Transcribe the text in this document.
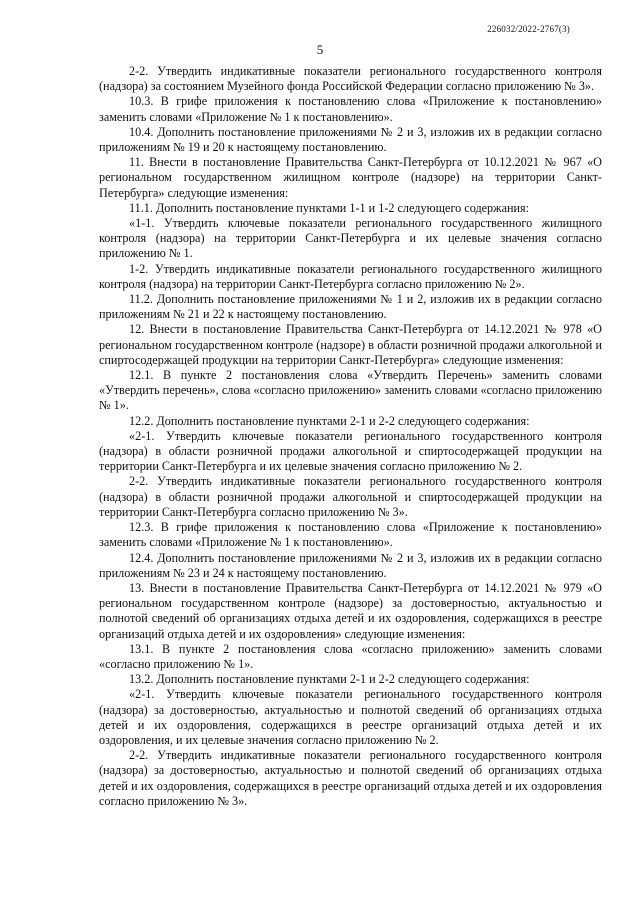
226032/2022-2767(3)
5

2-2. Утвердить индикативные показатели регионального государственного контроля (надзора) за состоянием Музейного фонда Российской Федерации согласно приложению № 3».

10.3. В грифе приложения к постановлению слова «Приложение к постановлению» заменить словами «Приложение № 1 к постановлению».

10.4. Дополнить постановление приложениями № 2 и 3, изложив их в редакции согласно приложениям № 19 и 20 к настоящему постановлению.

11. Внести в постановление Правительства Санкт-Петербурга от 10.12.2021 № 967 «О региональном государственном жилищном контроле (надзоре) на территории Санкт-Петербурга» следующие изменения:

11.1. Дополнить постановление пунктами 1-1 и 1-2 следующего содержания:

«1-1. Утвердить ключевые показатели регионального государственного жилищного контроля (надзора) на территории Санкт-Петербурга и их целевые значения согласно приложению № 1.

1-2. Утвердить индикативные показатели регионального государственного жилищного контроля (надзора) на территории Санкт-Петербурга согласно приложению № 2».

11.2. Дополнить постановление приложениями № 1 и 2, изложив их в редакции согласно приложениям № 21 и 22 к настоящему постановлению.

12. Внести в постановление Правительства Санкт-Петербурга от 14.12.2021 № 978 «О региональном государственном контроле (надзоре) в области розничной продажи алкогольной и спиртосодержащей продукции на территории Санкт-Петербурга» следующие изменения:

12.1. В пункте 2 постановления слова «Утвердить Перечень» заменить словами «Утвердить перечень», слова «согласно приложению» заменить словами «согласно приложению № 1».

12.2. Дополнить постановление пунктами 2-1 и 2-2 следующего содержания:

«2-1. Утвердить ключевые показатели регионального государственного контроля (надзора) в области розничной продажи алкогольной и спиртосодержащей продукции на территории Санкт-Петербурга и их целевые значения согласно приложению № 2.

2-2. Утвердить индикативные показатели регионального государственного контроля (надзора) в области розничной продажи алкогольной и спиртосодержащей продукции на территории Санкт-Петербурга согласно приложению № 3».

12.3. В грифе приложения к постановлению слова «Приложение к постановлению» заменить словами «Приложение № 1 к постановлению».

12.4. Дополнить постановление приложениями № 2 и 3, изложив их в редакции согласно приложениям № 23 и 24 к настоящему постановлению.

13. Внести в постановление Правительства Санкт-Петербурга от 14.12.2021 № 979 «О региональном государственном контроле (надзоре) за достоверностью, актуальностью и полнотой сведений об организациях отдыха детей и их оздоровления, содержащихся в реестре организаций отдыха детей и их оздоровления» следующие изменения:

13.1. В пункте 2 постановления слова «согласно приложению» заменить словами «согласно приложению № 1».

13.2. Дополнить постановление пунктами 2-1 и 2-2 следующего содержания:

«2-1. Утвердить ключевые показатели регионального государственного контроля (надзора) за достоверностью, актуальностью и полнотой сведений об организациях отдыха детей и их оздоровления, содержащихся в реестре организаций отдыха детей и их оздоровления, и их целевые значения согласно приложению № 2.

2-2. Утвердить индикативные показатели регионального государственного контроля (надзора) за достоверностью, актуальностью и полнотой сведений об организациях отдыха детей и их оздоровления, содержащихся в реестре организаций отдыха детей и их оздоровления согласно приложению № 3».
